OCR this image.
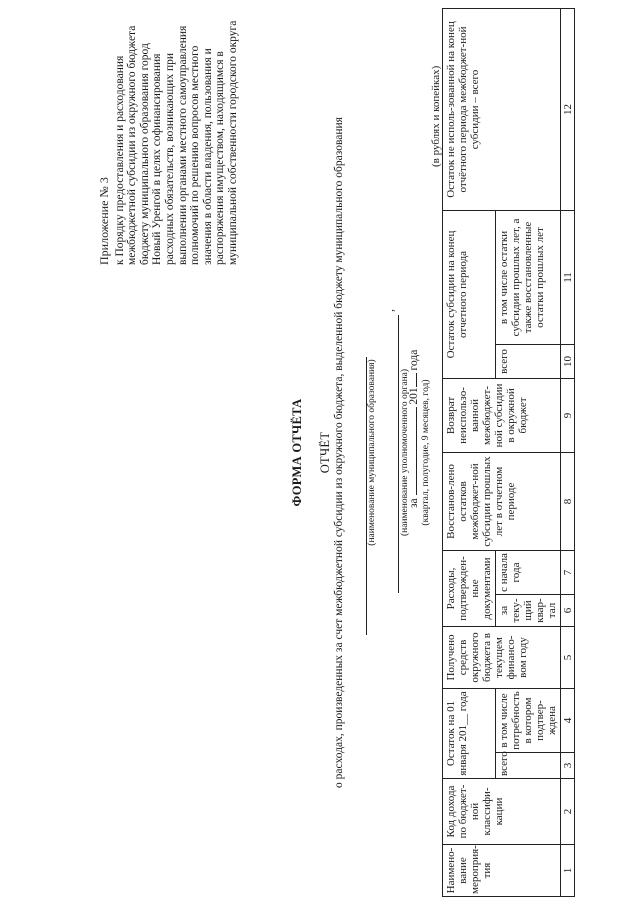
Приложение № 3 к Порядку предоставления и расходования межбюджетной субсидии из окружного бюджета бюджету муниципального образования город Новый Уренгой в целях софинансирования расходных обязательств, возникающих при выполнении органами местного самоуправления полномочий по решению вопросов местного значения в области владения, пользования и распоряжения имуществом, находящимся в муниципальной собственности городского округа
ФОРМА ОТЧЁТА ОТЧЁТ о расходах, произведенных за счет межбюджетной субсидии из окружного бюджета, выделенной бюджету муниципального образования (наименование муниципального образования)
,
(наименование уполномоченного органа)
за  201 года
(квартал, полугодие, 9 месяцев, год)
(в рублях и копейках)
Наимено-вание мероприя-тия	Код дохода по бюджет-ной классифи-кации	Остаток на 01 января 201__ года		Получено средств окружного бюджета в текущем финансо-вом году	Расходы, подтвержден-ные документами		Восстанов-лено остатков межбюджет-ной субсидии прошлых лет в отчетном периоде	Возврат неиспользо-ванной межбюджет-ной субсидии в окружной бюджет	Остаток субсидии на конец отчетного периода		Остаток не исполь-зованной на конец отчётного периода межбюджет-ной субсидии – всего
		всего	в том числе потребность в котором подтвер-ждена		за теку-щий квар-тал	с начала года			всего	в том числе остатки субсидии прошлых лет, а также восстановленные остатки прошлых лет	
1	2	3	4	5	6	7	8	9	10	11	12
